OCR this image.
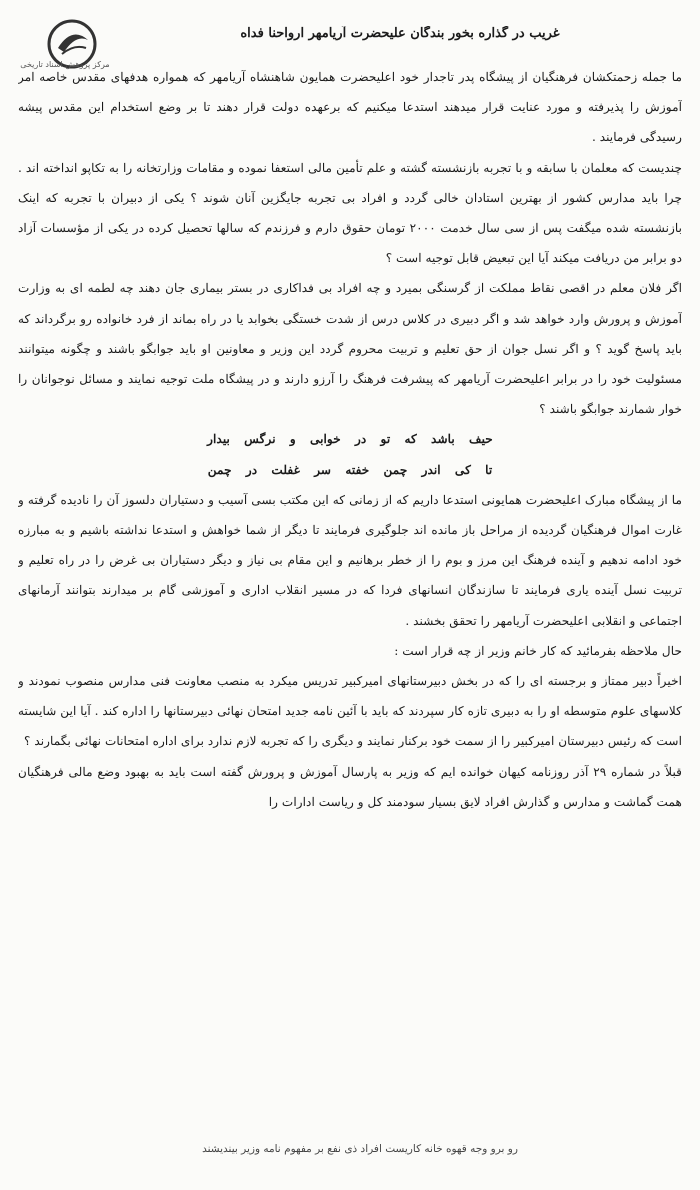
مرکز پژوهش اسناد تاریخی
غریب در گذاره بخور بندگان علیحضرت آریامهر ارواحنا فداه

ما جمله زحمتکشان فرهنگیان از پیشگاه پدر تاجدار خود اعلیحضرت همایون شاهنشاه آریامهر که همواره هدفهای مقدس خاصه امر آموزش را پذیرفته و مورد عنایت قرار میدهند استدعا میکنیم که برعهده دولت قرار دهند تا بر وضع استخدام این مقدس پیشه رسیدگی فرمایند .

چندیست که معلمان با سابقه و با تجربه بازنشسته گشته و علم تأمین مالی استعفا نموده و مقامات وزارتخانه را به تکاپو انداخته اند . چرا باید مدارس کشور از بهترین استادان خالی گردد و افراد بی تجربه جایگزین آنان شوند ؟ یکی از دبیران با تجربه که اینک بازنشسته شده میگفت پس از سی سال خدمت ۲۰۰۰ تومان حقوق دارم و فرزندم که سالها تحصیل کرده در یکی از مؤسسات آزاد دو برابر من دریافت میکند آیا این تبعیض قابل توجیه است ؟

اگر فلان معلم در اقصی نقاط مملکت از گرسنگی بمیرد و چه افراد بی فداکاری در بستر بیماری جان دهند چه لطمه ای به وزارت آموزش و پرورش وارد خواهد شد و اگر دبیری در کلاس درس از شدت خستگی بخوابد یا در راه بماند از فرد خانواده رو برگرداند که باید پاسخ گوید ؟ و اگر نسل جوان از حق تعلیم و تربیت محروم گردد این وزیر و معاونین او باید جوابگو باشند و چگونه میتوانند مسئولیت خود را در برابر اعلیحضرت آریامهر که پیشرفت فرهنگ را آرزو دارند و در پیشگاه ملت توجیه نمایند و مسائل نوجوانان را خوار شمارند جوابگو باشند ؟

حیف باشد که تو در خوابی و نرگس بیدار تا کی اندر چمن خفته سر غفلت در چمن

ما از پیشگاه مبارک اعلیحضرت همایونی استدعا داریم که از زمانی که این مکتب بسی آسیب و دستیاران دلسوز آن را نادیده گرفته و غارت اموال فرهنگیان گردیده از مراحل باز مانده اند جلوگیری فرمایند تا دیگر از شما خواهش و استدعا نداشته باشیم و به مبارزه خود ادامه ندهیم و آینده فرهنگ این مرز و بوم را از خطر برهانیم و این مقام بی نیاز و دیگر دستیاران بی غرض را در راه تعلیم و تربیت نسل آینده یاری فرمایند تا سازندگان انسانهای فردا که در مسیر انقلاب اداری و آموزشی گام بر میدارند بتوانند آرمانهای اجتماعی و انقلابی اعلیحضرت آریامهر را تحقق بخشند .

حال ملاحظه بفرمائید که کار خانم وزیر از چه قرار است :

اخیراً دبیر ممتاز و برجسته ای را که در بخش دبیرستانهای امیرکبیر تدریس میکرد به منصب معاونت فنی مدارس منصوب نمودند و کلاسهای علوم متوسطه او را به دبیری تازه کار سپردند که باید با آئین نامه جدید امتحان نهائی دبیرستانها را اداره کند . آیا این شایسته است که رئیس دبیرستان امیرکبیر را از سمت خود برکنار نمایند و دیگری را که تجربه لازم ندارد برای اداره امتحانات نهائی بگمارند ؟

قبلاً در شماره ۲۹ آذر روزنامه کیهان خوانده ایم که وزیر به پارسال آموزش و پرورش گفته است باید به بهبود وضع مالی فرهنگیان همت گماشت و مدارس و گذارش افراد لایق بسیار سودمند کل و ریاست ادارات را

رو برو وجه قهوه خانه کاریست افراد ذی نفع بر مفهوم نامه وزیر بیندیشند
